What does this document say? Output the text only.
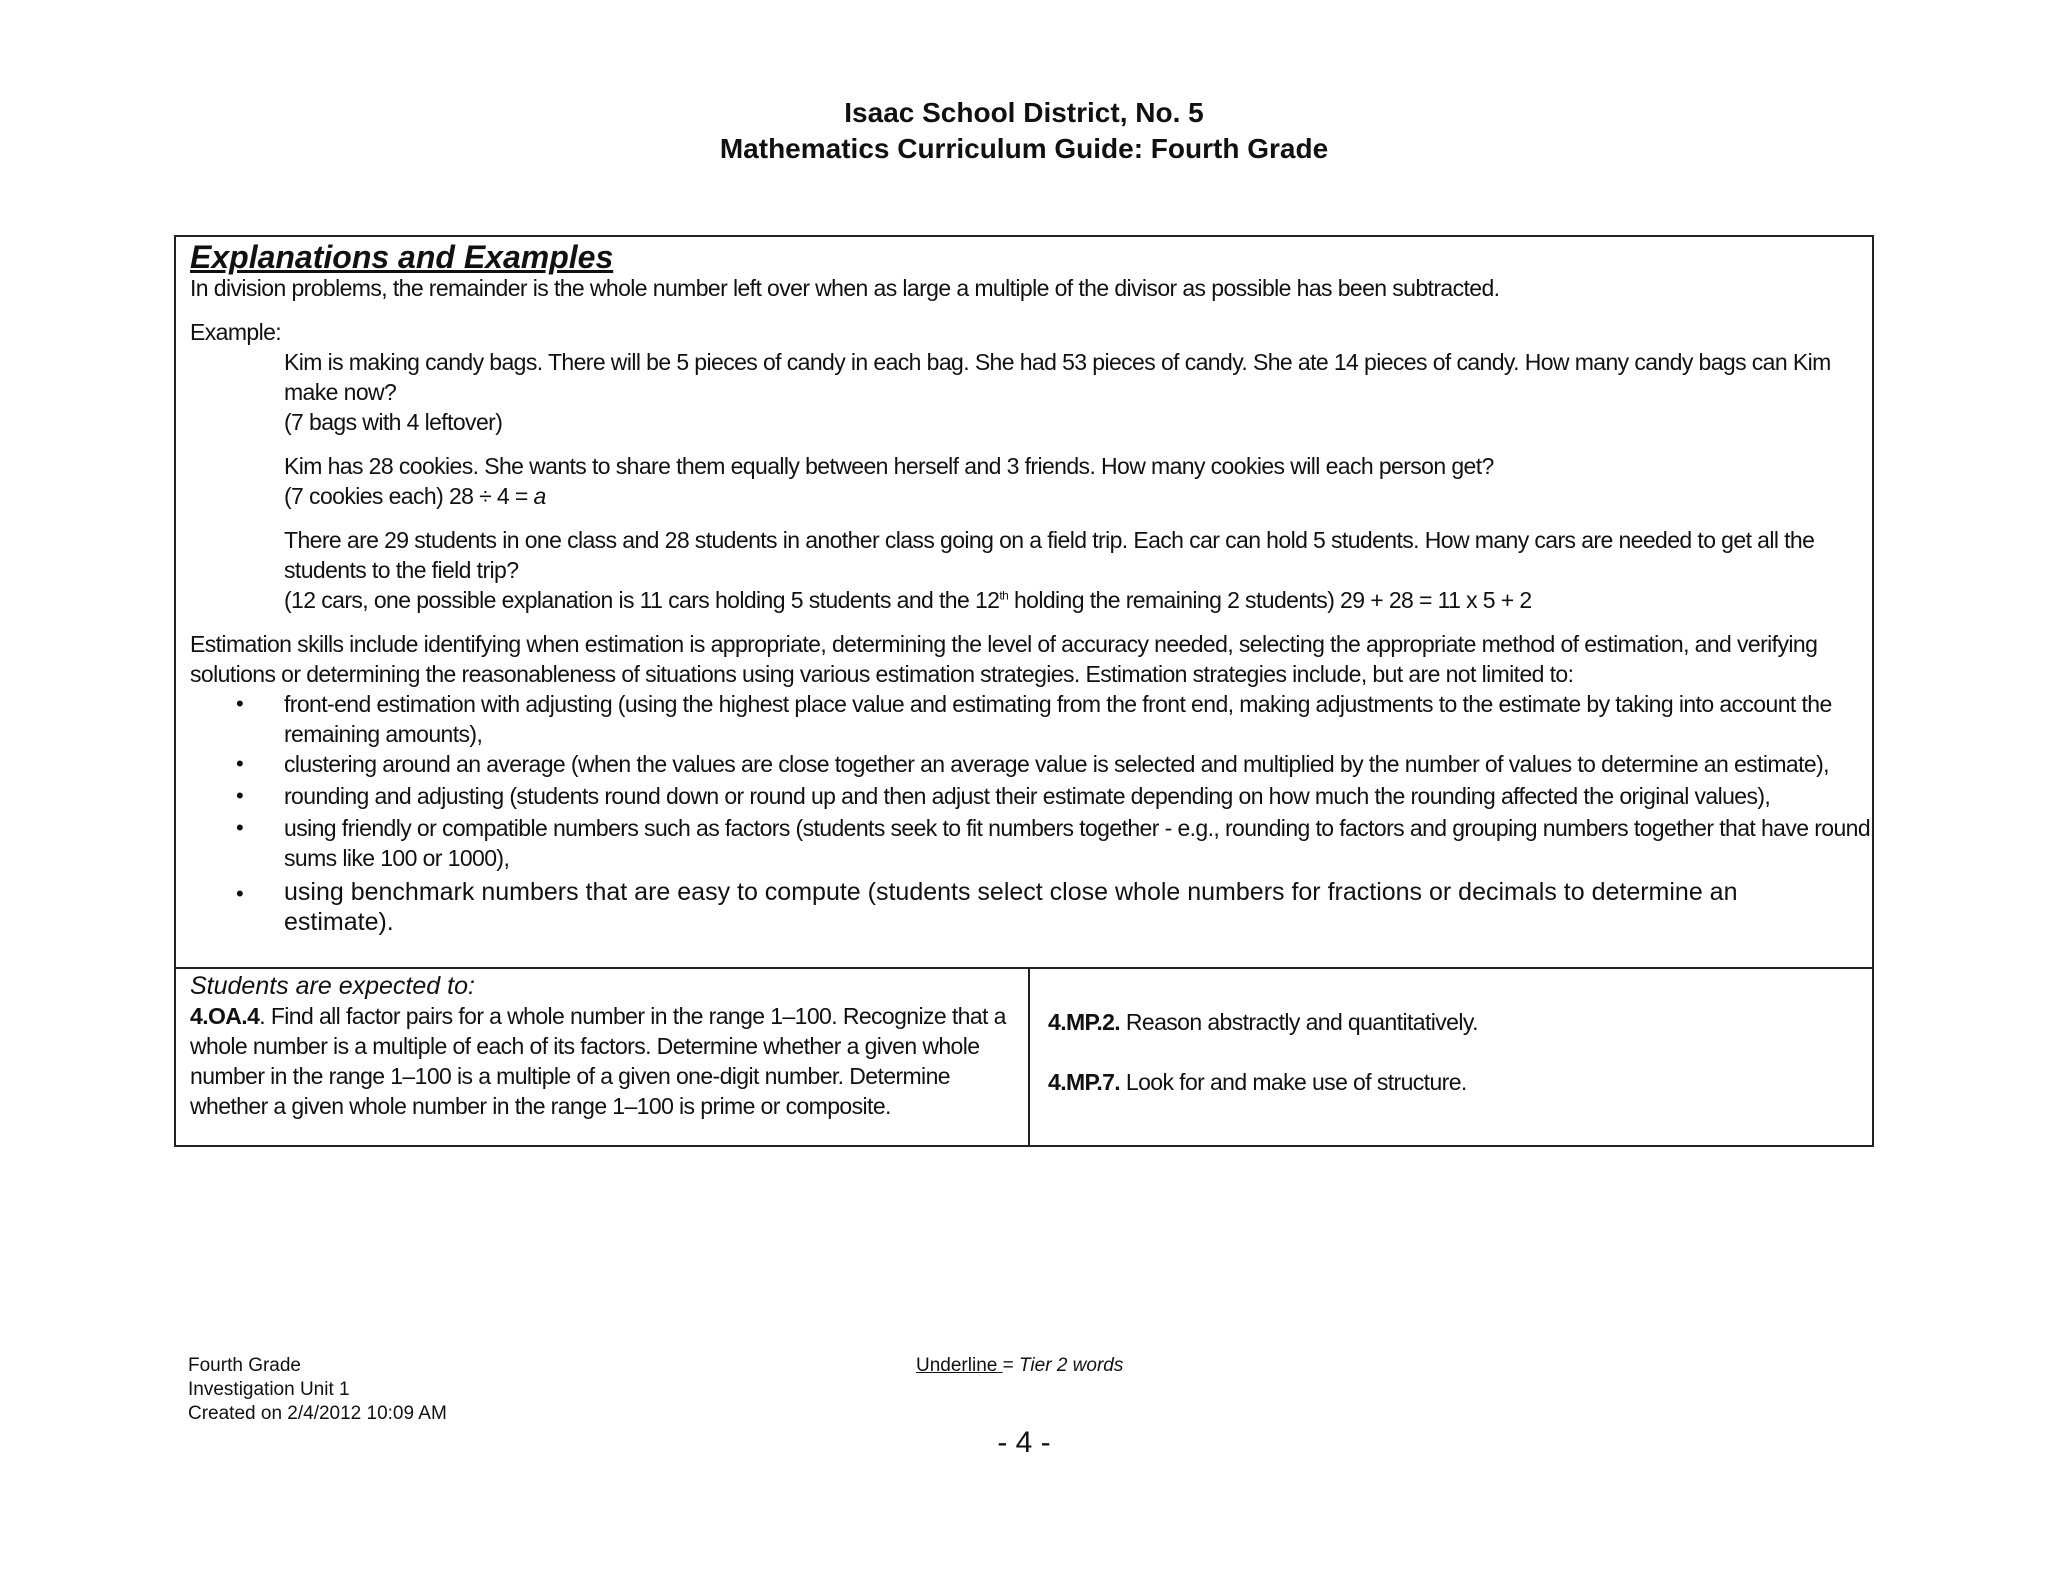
Isaac School District, No. 5
Mathematics Curriculum Guide: Fourth Grade
Explanations and Examples
In division problems, the remainder is the whole number left over when as large a multiple of the divisor as possible has been subtracted.
Example:
Kim is making candy bags. There will be 5 pieces of candy in each bag. She had 53 pieces of candy. She ate 14 pieces of candy. How many candy bags can Kim
make now?
(7 bags with 4 leftover)
Kim has 28 cookies. She wants to share them equally between herself and 3 friends. How many cookies will each person get?
(7 cookies each) 28 ÷ 4 = a
There are 29 students in one class and 28 students in another class going on a field trip. Each car can hold 5 students. How many cars are needed to get all the
students to the field trip?
(12 cars, one possible explanation is 11 cars holding 5 students and the 12th holding the remaining 2 students) 29 + 28 = 11 x 5 + 2
Estimation skills include identifying when estimation is appropriate, determining the level of accuracy needed, selecting the appropriate method of estimation, and verifying
solutions or determining the reasonableness of situations using various estimation strategies. Estimation strategies include, but are not limited to:
• front-end estimation with adjusting (using the highest place value and estimating from the front end, making adjustments to the estimate by taking into account the
remaining amounts),
• clustering around an average (when the values are close together an average value is selected and multiplied by the number of values to determine an estimate),
• rounding and adjusting (students round down or round up and then adjust their estimate depending on how much the rounding affected the original values),
• using friendly or compatible numbers such as factors (students seek to fit numbers together - e.g., rounding to factors and grouping numbers together that have round
sums like 100 or 1000),
• using benchmark numbers that are easy to compute (students select close whole numbers for fractions or decimals to determine an
estimate).
Students are expected to:
4.OA.4. Find all factor pairs for a whole number in the range 1–100. Recognize that a
whole number is a multiple of each of its factors. Determine whether a given whole
number in the range 1–100 is a multiple of a given one-digit number. Determine
whether a given whole number in the range 1–100 is prime or composite.
4.MP.2. Reason abstractly and quantitatively.
4.MP.7. Look for and make use of structure.
Fourth Grade
Investigation Unit 1
Created on 2/4/2012 10:09 AM
Underline = Tier 2 words
- 4 -
